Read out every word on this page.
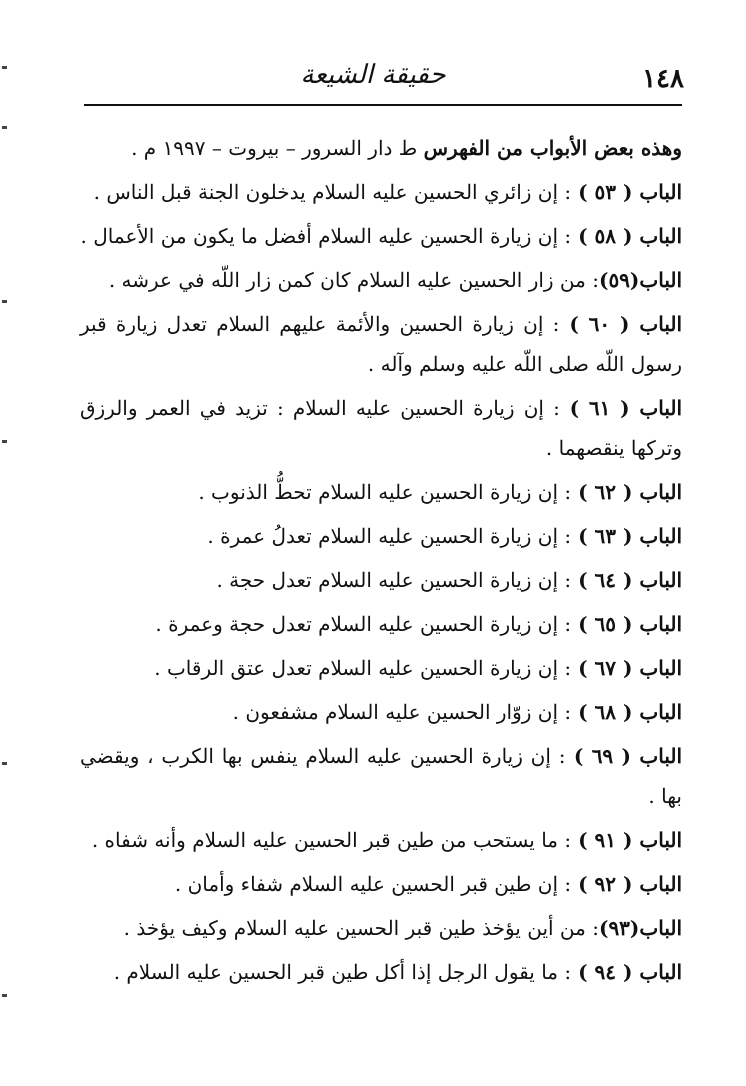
١٤٨
حقيقة الشيعة

وهذه بعض الأبواب من الفهرس ط دار السرور – بيروت – ١٩٩٧ م .

الباب ( ٥٣ ) : إن زائري الحسين عليه السلام يدخلون الجنة قبل الناس .

الباب ( ٥٨ ) : إن زيارة الحسين عليه السلام أفضل ما يكون من الأعمال .

الباب(٥٩): من زار الحسين عليه السلام كان كمن زار اللّه في عرشه .

الباب ( ٦٠ ) : إن زيارة الحسين والأئمة عليهم السلام تعدل زيارة قبر رسول اللّه صلى اللّه عليه وسلم وآله .

الباب ( ٦١ ) : إن زيارة الحسين عليه السلام : تزيد في العمر والرزق وتركها ينقصهما .

الباب ( ٦٢ ) : إن زيارة الحسين عليه السلام تحطُّ الذنوب .

الباب ( ٦٣ ) : إن زيارة الحسين عليه السلام تعدلُ عمرة .

الباب ( ٦٤ ) : إن زيارة الحسين عليه السلام تعدل حجة .

الباب ( ٦٥ ) : إن زيارة الحسين عليه السلام تعدل حجة وعمرة .

الباب ( ٦٧ ) : إن زيارة الحسين عليه السلام تعدل عتق الرقاب .

الباب ( ٦٨ ) : إن زوّار الحسين عليه السلام مشفعون .

الباب ( ٦٩ ) : إن زيارة الحسين عليه السلام ينفس بها الكرب ، ويقضي بها .

الباب ( ٩١ ) : ما يستحب من طين قبر الحسين عليه السلام وأنه شفاه .

الباب ( ٩٢ ) : إن طين قبر الحسين عليه السلام شفاء وأمان .

الباب(٩٣): من أين يؤخذ طين قبر الحسين عليه السلام وكيف يؤخذ .

الباب ( ٩٤ ) : ما يقول الرجل إذا أكل طين قبر الحسين عليه السلام .
